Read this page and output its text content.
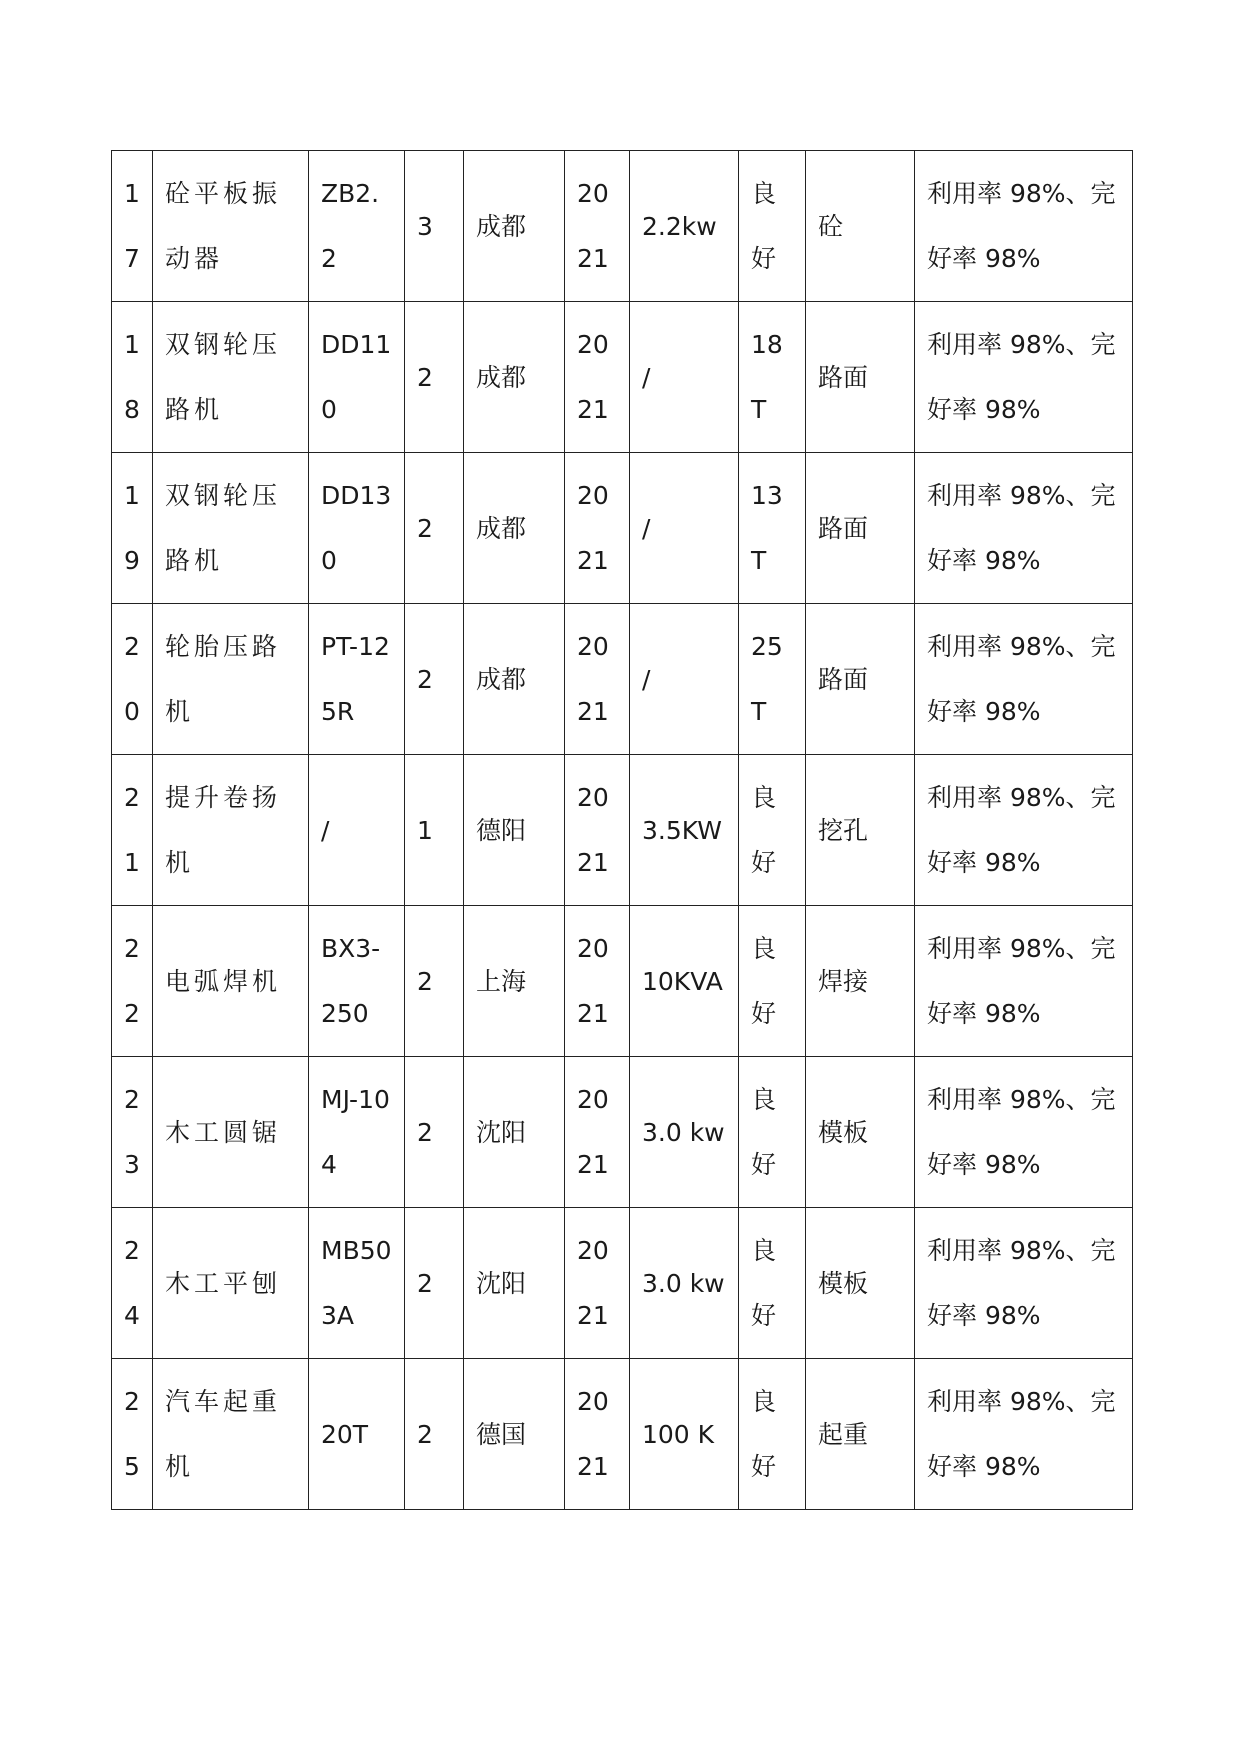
17	砼平板振动器	ZB2.2	3	成都	2021	2.2kw	良好	砼	利用率 98%、完好率 98%
18	双钢轮压路机	DD110	2	成都	2021	/	18T	路面	利用率 98%、完好率 98%
19	双钢轮压路机	DD130	2	成都	2021	/	13T	路面	利用率 98%、完好率 98%
20	轮胎压路机	PT-125R	2	成都	2021	/	25T	路面	利用率 98%、完好率 98%
21	提升卷扬机	/	1	德阳	2021	3.5KW	良好	挖孔	利用率 98%、完好率 98%
22	电弧焊机	BX3-250	2	上海	2021	10KVA	良好	焊接	利用率 98%、完好率 98%
23	木工圆锯	MJ-104	2	沈阳	2021	3.0 kw	良好	模板	利用率 98%、完好率 98%
24	木工平刨	MB503A	2	沈阳	2021	3.0 kw	良好	模板	利用率 98%、完好率 98%
25	汽车起重机	20T	2	德国	2021	100 K	良好	起重	利用率 98%、完好率 98%
